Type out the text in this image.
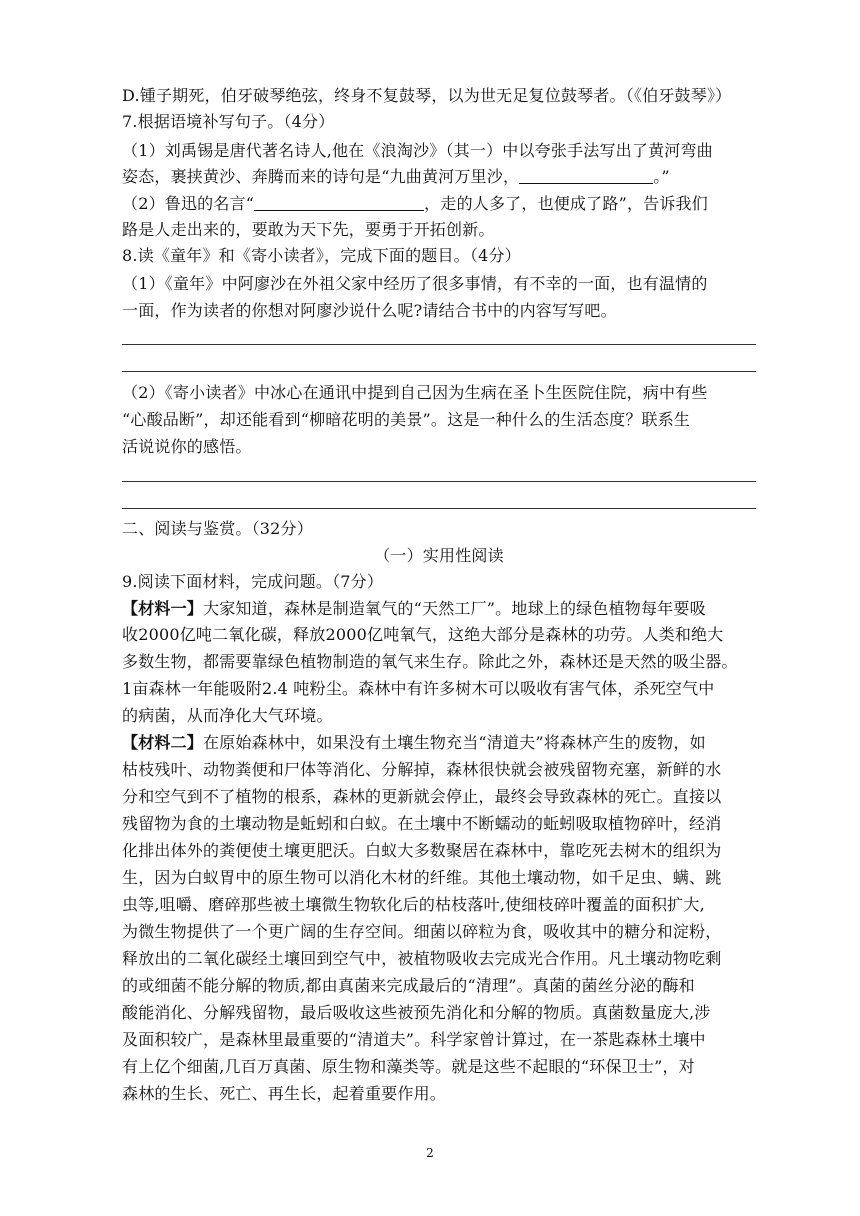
D.锺子期死，伯牙破琴绝弦，终身不复鼓琴，以为世无足复位鼓琴者。（《伯牙鼓琴》）
7.根据语境补写句子。（4分）
（1）刘禹锡是唐代著名诗人,他在《浪淘沙》（其一）中以夸张手法写出了黄河弯曲
姿态，裹挟黄沙、奔腾而来的诗句是“九曲黄河万里沙，	。”
（2）鲁迅的名言“	，走的人多了，也便成了路”，告诉我们
路是人走出来的，要敢为天下先，要勇于开拓创新。
8.读《童年》和《寄小读者》，完成下面的题目。（4分）
（1）《童年》中阿廖沙在外祖父家中经历了很多事情，有不幸的一面，也有温情的
一面，作为读者的你想对阿廖沙说什么呢?请结合书中的内容写写吧。
（2）《寄小读者》中冰心在通讯中提到自己因为生病在圣卜生医院住院，病中有些
“心酸品断”，却还能看到“柳暗花明的美景”。这是一种什么的生活态度？联系生
活说说你的感悟。
二、阅读与鉴赏。（32分）
（一）实用性阅读
9.阅读下面材料，完成问题。（7分）
【材料一】大家知道，森林是制造氧气的“天然工厂”。地球上的绿色植物每年要吸
收2000亿吨二氧化碳，释放2000亿吨氧气，这绝大部分是森林的功劳。人类和绝大
多数生物，都需要靠绿色植物制造的氧气来生存。除此之外，森林还是天然的吸尘器。
1亩森林一年能吸附2.4 吨粉尘。森林中有许多树木可以吸收有害气体，杀死空气中
的病菌，从而净化大气环境。
【材料二】在原始森林中，如果没有土壤生物充当“清道夫”将森林产生的废物，如
枯枝残叶、动物粪便和尸体等消化、分解掉，森林很快就会被残留物充塞，新鲜的水
分和空气到不了植物的根系，森林的更新就会停止，最终会导致森林的死亡。直接以
残留物为食的土壤动物是蚯蚓和白蚁。在土壤中不断蠕动的蚯蚓吸取植物碎叶，经消
化排出体外的粪便使土壤更肥沃。白蚁大多数聚居在森林中，靠吃死去树木的组织为
生，因为白蚁胃中的原生物可以消化木材的纤维。其他土壤动物，如千足虫、螨、跳
虫等,咀嚼、磨碎那些被土壤微生物软化后的枯枝落叶,使细枝碎叶覆盖的面积扩大,
为微生物提供了一个更广阔的生存空间。细菌以碎粒为食，吸收其中的糖分和淀粉，
释放出的二氧化碳经土壤回到空气中，被植物吸收去完成光合作用。凡土壤动物吃剩
的或细菌不能分解的物质,都由真菌来完成最后的“清理”。真菌的菌丝分泌的酶和
酸能消化、分解残留物，最后吸收这些被预先消化和分解的物质。真菌数量庞大,涉
及面积较广，是森林里最重要的“清道夫”。科学家曾计算过，在一茶匙森林土壤中
有上亿个细菌,几百万真菌、原生物和藻类等。就是这些不起眼的“环保卫士”，对
森林的生长、死亡、再生长，起着重要作用。
2
